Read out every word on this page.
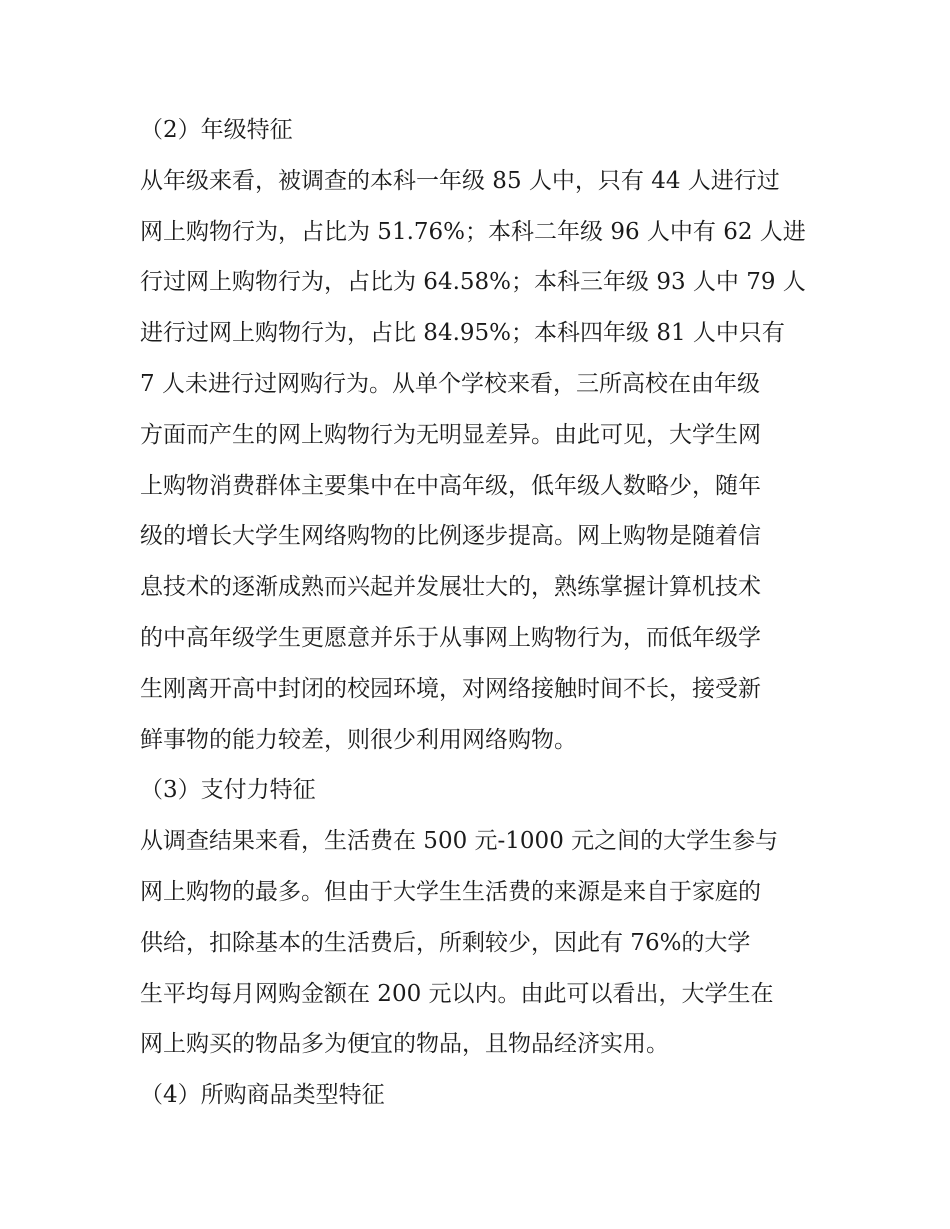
（2）年级特征

从年级来看，被调查的本科一年级 85 人中，只有 44 人进行过

网上购物行为，占比为 51.76%；本科二年级 96 人中有 62 人进

行过网上购物行为，占比为 64.58%；本科三年级 93 人中 79 人

进行过网上购物行为，占比 84.95%；本科四年级 81 人中只有

7 人未进行过网购行为。从单个学校来看，三所高校在由年级

方面而产生的网上购物行为无明显差异。由此可见，大学生网

上购物消费群体主要集中在中高年级，低年级人数略少，随年

级的增长大学生网络购物的比例逐步提高。网上购物是随着信

息技术的逐渐成熟而兴起并发展壮大的，熟练掌握计算机技术

的中高年级学生更愿意并乐于从事网上购物行为，而低年级学

生刚离开高中封闭的校园环境，对网络接触时间不长，接受新

鲜事物的能力较差，则很少利用网络购物。

（3）支付力特征

从调查结果来看，生活费在 500 元-1000 元之间的大学生参与

网上购物的最多。但由于大学生生活费的来源是来自于家庭的

供给，扣除基本的生活费后，所剩较少，因此有 76%的大学

生平均每月网购金额在 200 元以内。由此可以看出，大学生在

网上购买的物品多为便宜的物品，且物品经济实用。

（4）所购商品类型特征
